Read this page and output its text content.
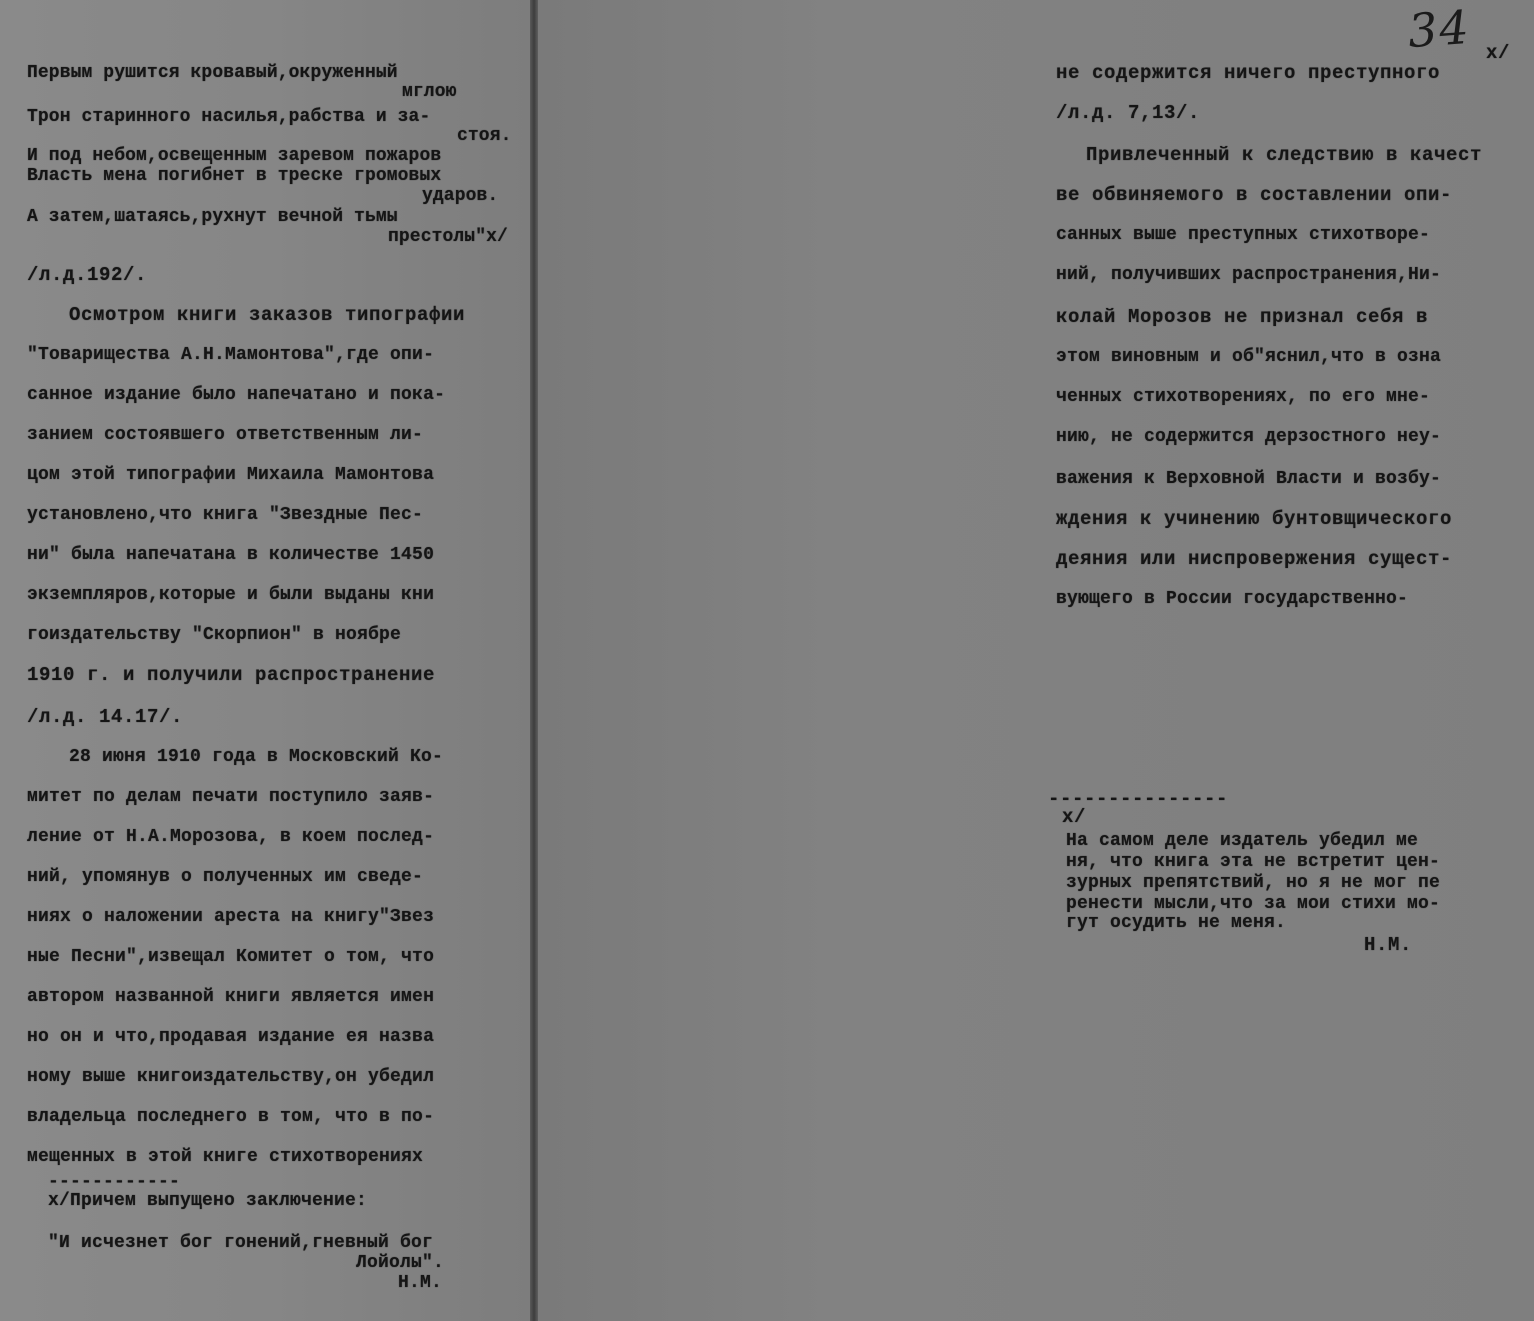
Первым рушится кровавый,окруженный
мглою
Трон старинного насилья,рабства и за-
стоя.
И под небом,освещенным заревом пожаров
Власть мена погибнет в треске громовых
ударов.
А затем,шатаясь,рухнут вечной тьмы
престолы"x/
/л.д.192/.
Осмотром книги заказов типографии
"Товарищества А.Н.Мамонтова",где опи-
санное издание было напечатано и пока-
занием состоявшего ответственным ли-
цом этой типографии Михаила Мамонтова
установлено,что книга "Звездные Пес-
ни" была напечатана в количестве 1450
экземпляров,которые и были выданы кни
гоиздательству "Скорпион" в ноябре
1910 г. и получили распространение
/л.д. 14.17/.
28 июня 1910 года в Московский Ко-
митет по делам печати поступило заяв-
ление от Н.А.Морозова, в коем послед-
ний, упомянув о полученных им сведе-
ниях о наложении ареста на книгу"Звез
ные Песни",извещал Комитет о том, что
автором названной книги является имен
но он и что,продавая издание ея назва
ному выше книгоиздательству,он убедил
владельца последнего в том, что в по-
мещенных в этой книге стихотворениях
------------
x/Причем выпущено заключение:
"И исчезнет бог гонений,гневный бог
Лойолы".
Н.М.
34 x/
не содержится ничего преступного
/л.д. 7,13/.
Привлеченный к следствию в качест
ве обвиняемого в составлении опи-
санных выше преступных стихотворе-
ний, получивших распространения,Ни-
колай Морозов не признал себя в
этом виновным и об"яснил,что в озна
ченных стихотворениях, по его мне-
нию, не содержится дерзостного неу-
важения к Верховной Власти и возбу-
ждения к учинению бунтовщического
деяния или ниспровержения сущест-
вующего в России государственно-
---------------
x/
На самом деле издатель убедил ме
ня, что книга эта не встретит цен-
зурных препятствий, но я не мог пе
ренести мысли,что за мои стихи мо-
гут осудить не меня.
Н.М.
